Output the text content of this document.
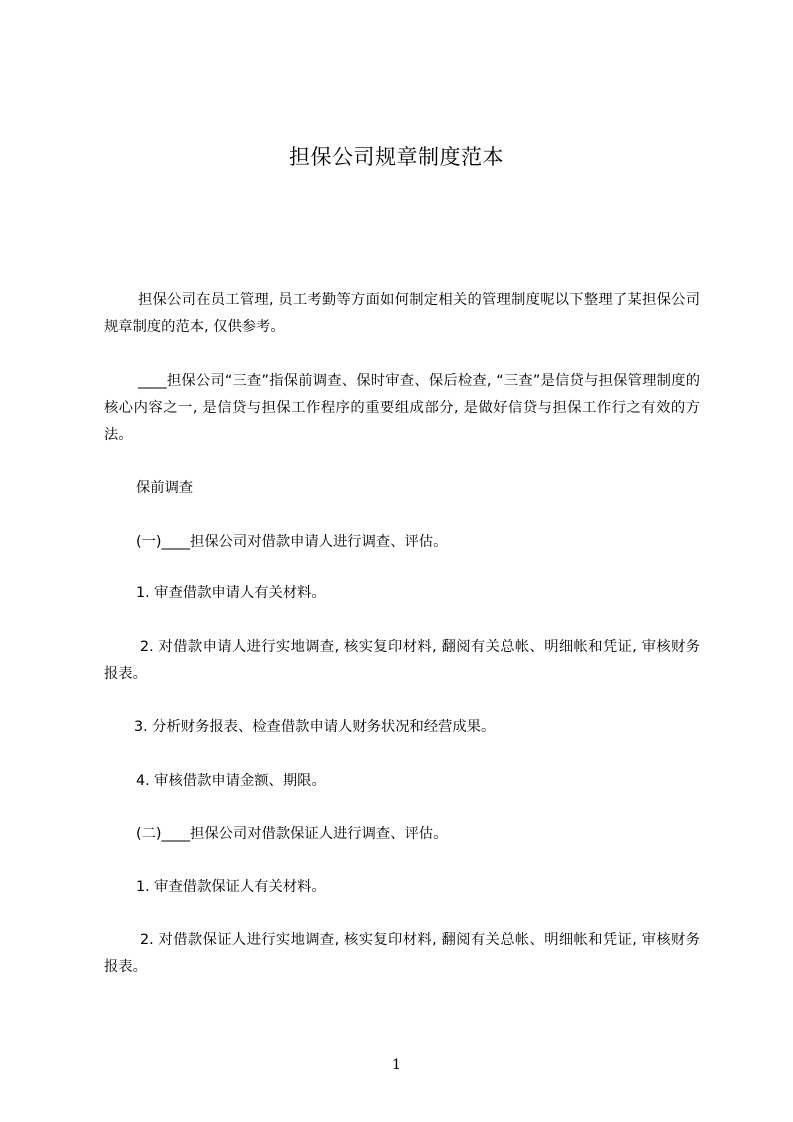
担保公司规章制度范本
担保公司在员工管理, 员工考勤等方面如何制定相关的管理制度呢以下整理了某担保公司规章制度的范本, 仅供参考。
____担保公司“三查”指保前调查、保时审查、保后检查, “三查”是信贷与担保管理制度的核心内容之一, 是信贷与担保工作程序的重要组成部分, 是做好信贷与担保工作行之有效的方法。
保前调查
(一)____担保公司对借款申请人进行调查、评估。
1. 审查借款申请人有关材料。
2. 对借款申请人进行实地调查, 核实复印材料, 翻阅有关总帐、明细帐和凭证, 审核财务报表。
3. 分析财务报表、检查借款申请人财务状况和经营成果。
4. 审核借款申请金额、期限。
(二)____担保公司对借款保证人进行调查、评估。
1. 审查借款保证人有关材料。
2. 对借款保证人进行实地调查, 核实复印材料, 翻阅有关总帐、明细帐和凭证, 审核财务报表。
1
